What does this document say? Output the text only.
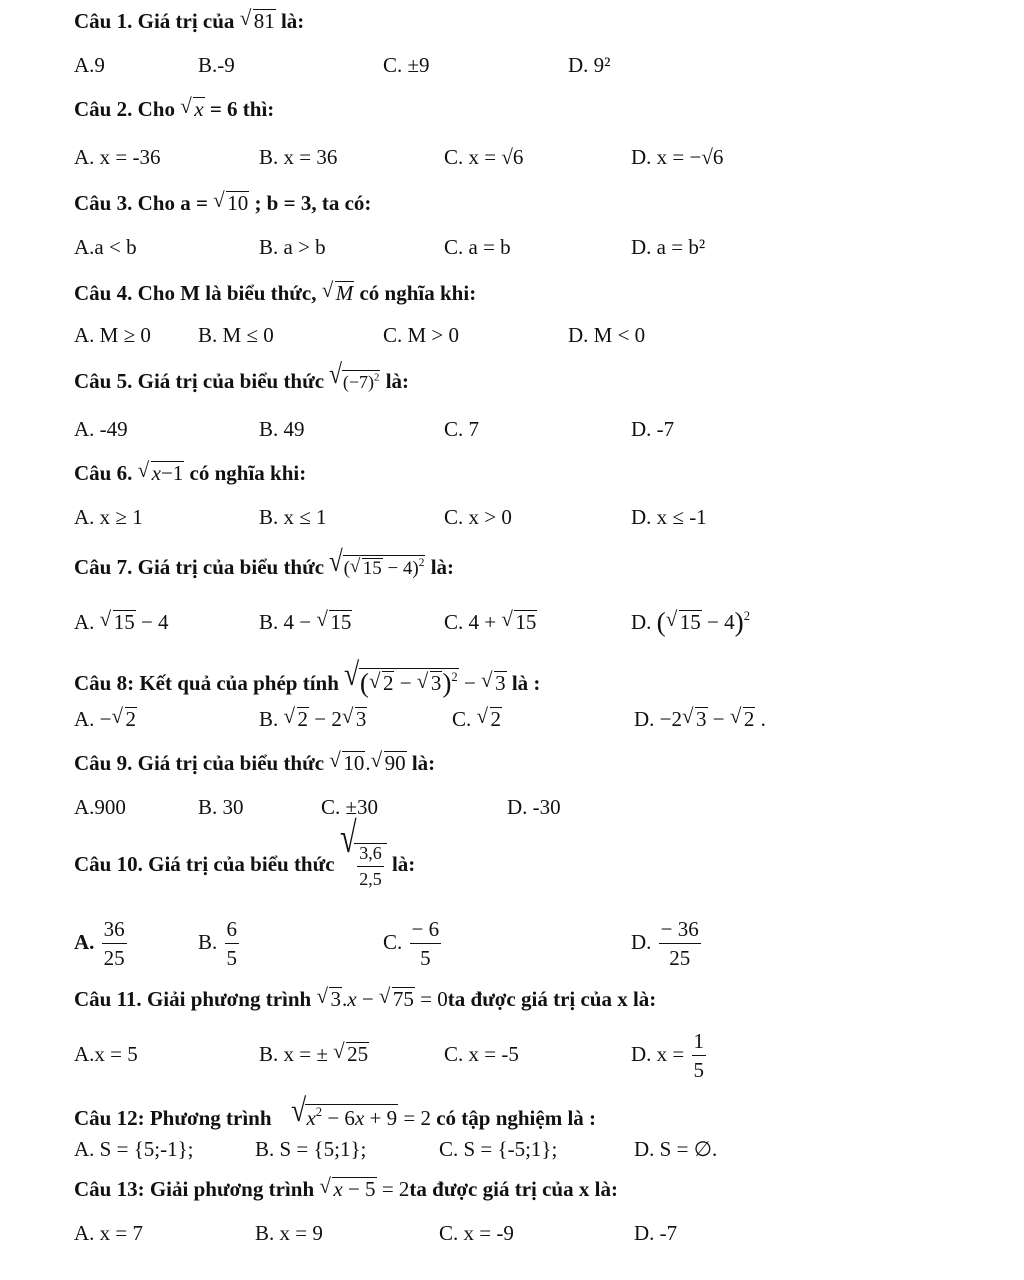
Câu 1. Giá trị của √ 81 là:
A.9	B.-9	C. ±9	D. 9²
Câu 2. Cho √ x = 6 thì:
A. x = -36	B. x = 36	C. x = √6	D. x = −√6
Câu 3. Cho a = √ 10 ; b = 3, ta có:
A.a < b	B. a > b	C. a = b	D. a = b²
Câu 4. Cho M là biểu thức, √ M có nghĩa khi:
A. M ≥ 0 B. M ≤ 0	C. M > 0	D. M < 0
Câu 5. Giá trị của biểu thức √ $(-7)^2$ là:
A. -49	B. 49	C. 7	D. -7
Câu 6. √ x−1 có nghĩa khi:
A. x ≥ 1	B. x ≤ 1	C. x > 0	D. x ≤ -1
Câu 7. Giá trị của biểu thức √ ( √ 15 − 4)$^2$ là:
A. √ 15 − 4	B. 4 − √ 15	C. 4 + √ 15	D. ( √ 15 − 4)$^2$
Câu 8: Kết quả của phép tính √ ( √ 2 − √ 3)$^2$ − √ 3 là :
A. − √ 2	B. √ 2 − 2 √ 3	C. √ 2	D. −2 √ 3 − √ 2 .
Câu 9. Giá trị của biểu thức √ 10. √ 90 là:
A.900	B. 30	C. ±30	D. -30
Câu 10. Giá trị của biểu thức √ $\frac{3,6}{2,5}$ là:
A. $\frac{36}{25}$	B. $\frac{6}{5}$	C. $\frac{- 6}{5}$	D. $\frac{- 36}{25}$
Câu 11. Giải phương trình √ 3.x − √ 75 = 0ta được giá trị của x là:
A.x = 5	B. x = ± √ 25	C. x = -5	D. $x = \frac{1}{5}$
Câu 12: Phương trình √ $x^2 - 6x + 9 = 2$ có tập nghiệm là :
A. S = {5;-1};	B. S = {5;1};	C. S = {-5;1};	D. S = ∅.
Câu 13: Giải phương trình √ x − 5 = 2ta được giá trị của x là:
A. x = 7	B. x = 9	C. x = -9	D. -7
